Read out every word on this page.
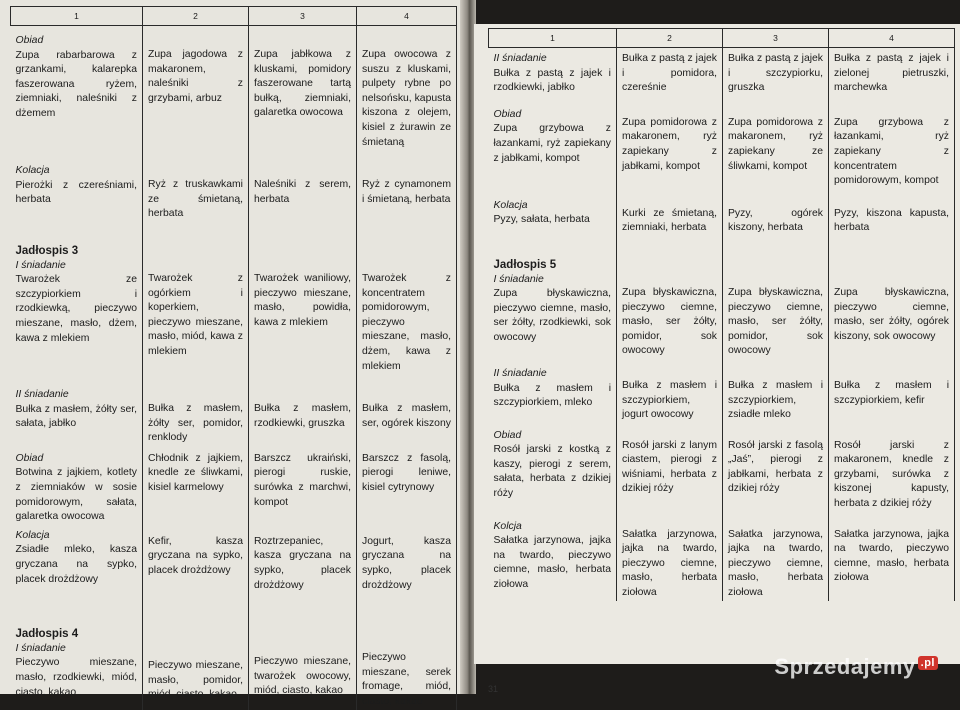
1	2	3	4

Obiad
Zupa rabarbarowa z grzankami, kalarepka faszerowana ryżem, ziemniaki, naleśniki z dżemem	Zupa jagodowa z makaronem, naleśniki z grzybami, arbuz	Zupa jabłkowa z kluskami, pomidory faszerowane tartą bułką, ziemniaki, galaretka owocowa	Zupa owocowa z suszu z kluskami, pulpety rybne po nelsońsku, kapusta kiszona z olejem, kisiel z żurawin ze śmietaną

Kolacja
Pierożki z czereśniami, herbata	Ryż z truskawkami ze śmietaną, herbata	Naleśniki z serem, herbata	Ryż z cynamonem i śmietaną, herbata

Jadłospis 3
I śniadanie
Twarożek ze szczypiorkiem i rzodkiewką, pieczywo mieszane, masło, dżem, kawa z mlekiem	Twarożek z ogórkiem i koperkiem, pieczywo mieszane, masło, miód, kawa z mlekiem	Twarożek waniliowy, pieczywo mieszane, masło, powidła, kawa z mlekiem	Twarożek z koncentratem pomidorowym, pieczywo mieszane, masło, dżem, kawa z mlekiem

II śniadanie
Bułka z masłem, żółty ser, sałata, jabłko	Bułka z masłem, żółty ser, pomidor, renklody	Bułka z masłem, rzodkiewki, gruszka	Bułka z masłem, ser, ogórek kiszony

Obiad
Botwina z jajkiem, kotlety z ziemniaków w sosie pomidorowym, sałata, galaretka owocowa	Chłodnik z jajkiem, knedle ze śliwkami, kisiel karmelowy	Barszcz ukraiński, pierogi ruskie, surówka z marchwi, kompot	Barszcz z fasolą, pierogi leniwe, kisiel cytrynowy

Kolacja
Zsiadłe mleko, kasza gryczana na sypko, placek drożdżowy	Kefir, kasza gryczana na sypko, placek drożdżowy	Roztrzepaniec, kasza gryczana na sypko, placek drożdżowy	Jogurt, kasza gryczana na sypko, placek drożdżowy

Jadłospis 4
I śniadanie
Pieczywo mieszane, masło, rzodkiewki, miód, ciasto, kakao	Pieczywo mieszane, masło, pomidor, miód, ciasto, kakao	Pieczywo mieszane, twarożek owocowy, miód, ciasto, kakao	Pieczywo mieszane, serek fromage, miód, ciasto, kakao
1	2	3	4

II śniadanie
Bułka z pastą z jajek i rzodkiewki, jabłko	Bułka z pastą z jajek i pomidora, czereśnie	Bułka z pastą z jajek i szczypiorku, gruszka	Bułka z pastą z jajek i zielonej pietruszki, marchewka

Obiad
Zupa grzybowa z łazankami, ryż zapiekany z jabłkami, kompot	Zupa pomidorowa z makaronem, ryż zapiekany z jabłkami, kompot	Zupa pomidorowa z makaronem, ryż zapiekany ze śliwkami, kompot	Zupa grzybowa z łazankami, ryż zapiekany z koncentratem pomidorowym, kompot

Kolacja
Pyzy, sałata, herbata	Kurki ze śmietaną, ziemniaki, herbata	Pyzy, ogórek kiszony, herbata	Pyzy, kiszona kapusta, herbata

Jadłospis 5
I śniadanie
Zupa błyskawiczna, pieczywo ciemne, masło, ser żółty, rzodkiewki, sok owocowy	Zupa błyskawiczna, pieczywo ciemne, masło, ser żółty, pomidor, sok owocowy	Zupa błyskawiczna, pieczywo ciemne, masło, ser żółty, pomidor, sok owocowy	Zupa błyskawiczna, pieczywo ciemne, masło, ser żółty, ogórek kiszony, sok owocowy

II śniadanie
Bułka z masłem i szczypiorkiem, mleko	Bułka z masłem i szczypiorkiem, jogurt owocowy	Bułka z masłem i szczypiorkiem, zsiadłe mleko	Bułka z masłem i szczypiorkiem, kefir

Obiad
Rosół jarski z kostką z kaszy, pierogi z serem, sałata, herbata z dzikiej róży	Rosół jarski z lanym ciastem, pierogi z wiśniami, herbata z dzikiej róży	Rosół jarski z fasolą „Jaś”, pierogi z jabłkami, herbata z dzikiej róży	Rosół jarski z makaronem, knedle z grzybami, surówka z kiszonej kapusty, herbata z dzikiej róży

Kolcja
Sałatka jarzynowa, jajka na twardo, pieczywo ciemne, masło, herbata ziołowa	Sałatka jarzynowa, jajka na twardo, pieczywo ciemne, masło, herbata ziołowa	Sałatka jarzynowa, jajka na twardo, pieczywo ciemne, masło, herbata ziołowa	Sałatka jarzynowa, jajka na twardo, pieczywo ciemne, masło, herbata ziołowa
31
Sprzedajemy $^{.pl}$
